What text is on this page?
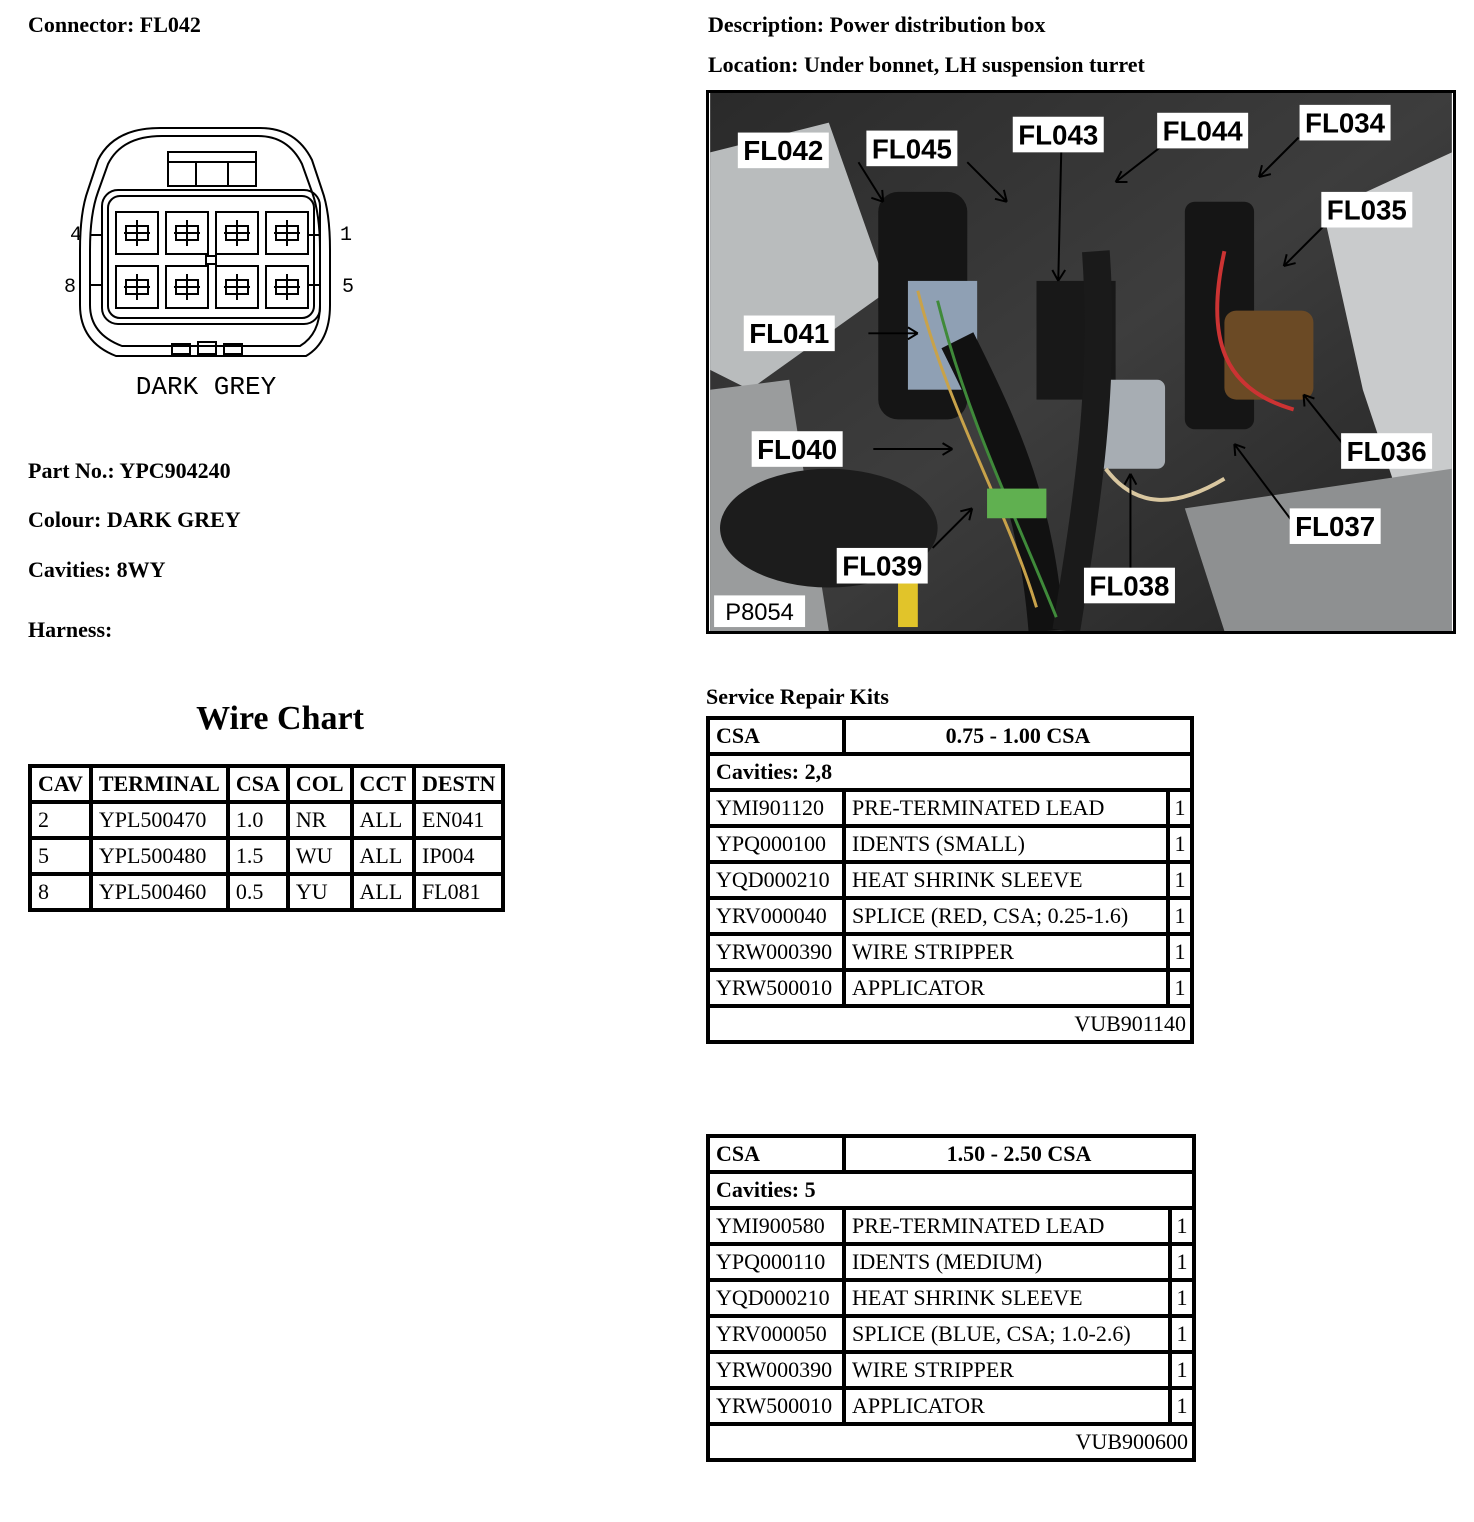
Connector: FL042	Description: Power distribution box
Location: Under bonnet, LH suspension turret
4	1
8	5
DARK GREY
Part No.: YPC904240
Colour: DARK GREY
Cavities: 8WY
Harness:
Wire Chart
CAV	TERMINAL	CSA	COL	CCT	DESTN
2	YPL500470	1.0	NR	ALL	EN041
5	YPL500480	1.5	WU	ALL	IP004
8	YPL500460	0.5	YU	ALL	FL081
FL042 FL045 FL043 FL044 FL034
FL035
FL041
FL040	FL036
FL037
FL039
FL038
P8054
Service Repair Kits
CSA	0.75 - 1.00 CSA	
Cavities: 2,8		
YMI901120	PRE-TERMINATED LEAD	1
YPQ000100	IDENTS (SMALL)	1
YQD000210	HEAT SHRINK SLEEVE	1
YRV000040	SPLICE (RED, CSA; 0.25-1.6)	1
YRW000390	WIRE STRIPPER	1
YRW500010	APPLICATOR	1
VUB901140		
CSA	1.50 - 2.50 CSA	
Cavities: 5		
YMI900580	PRE-TERMINATED LEAD	1
YPQ000110	IDENTS (MEDIUM)	1
YQD000210	HEAT SHRINK SLEEVE	1
YRV000050	SPLICE (BLUE, CSA; 1.0-2.6)	1
YRW000390	WIRE STRIPPER	1
YRW500010	APPLICATOR	1
VUB900600		
